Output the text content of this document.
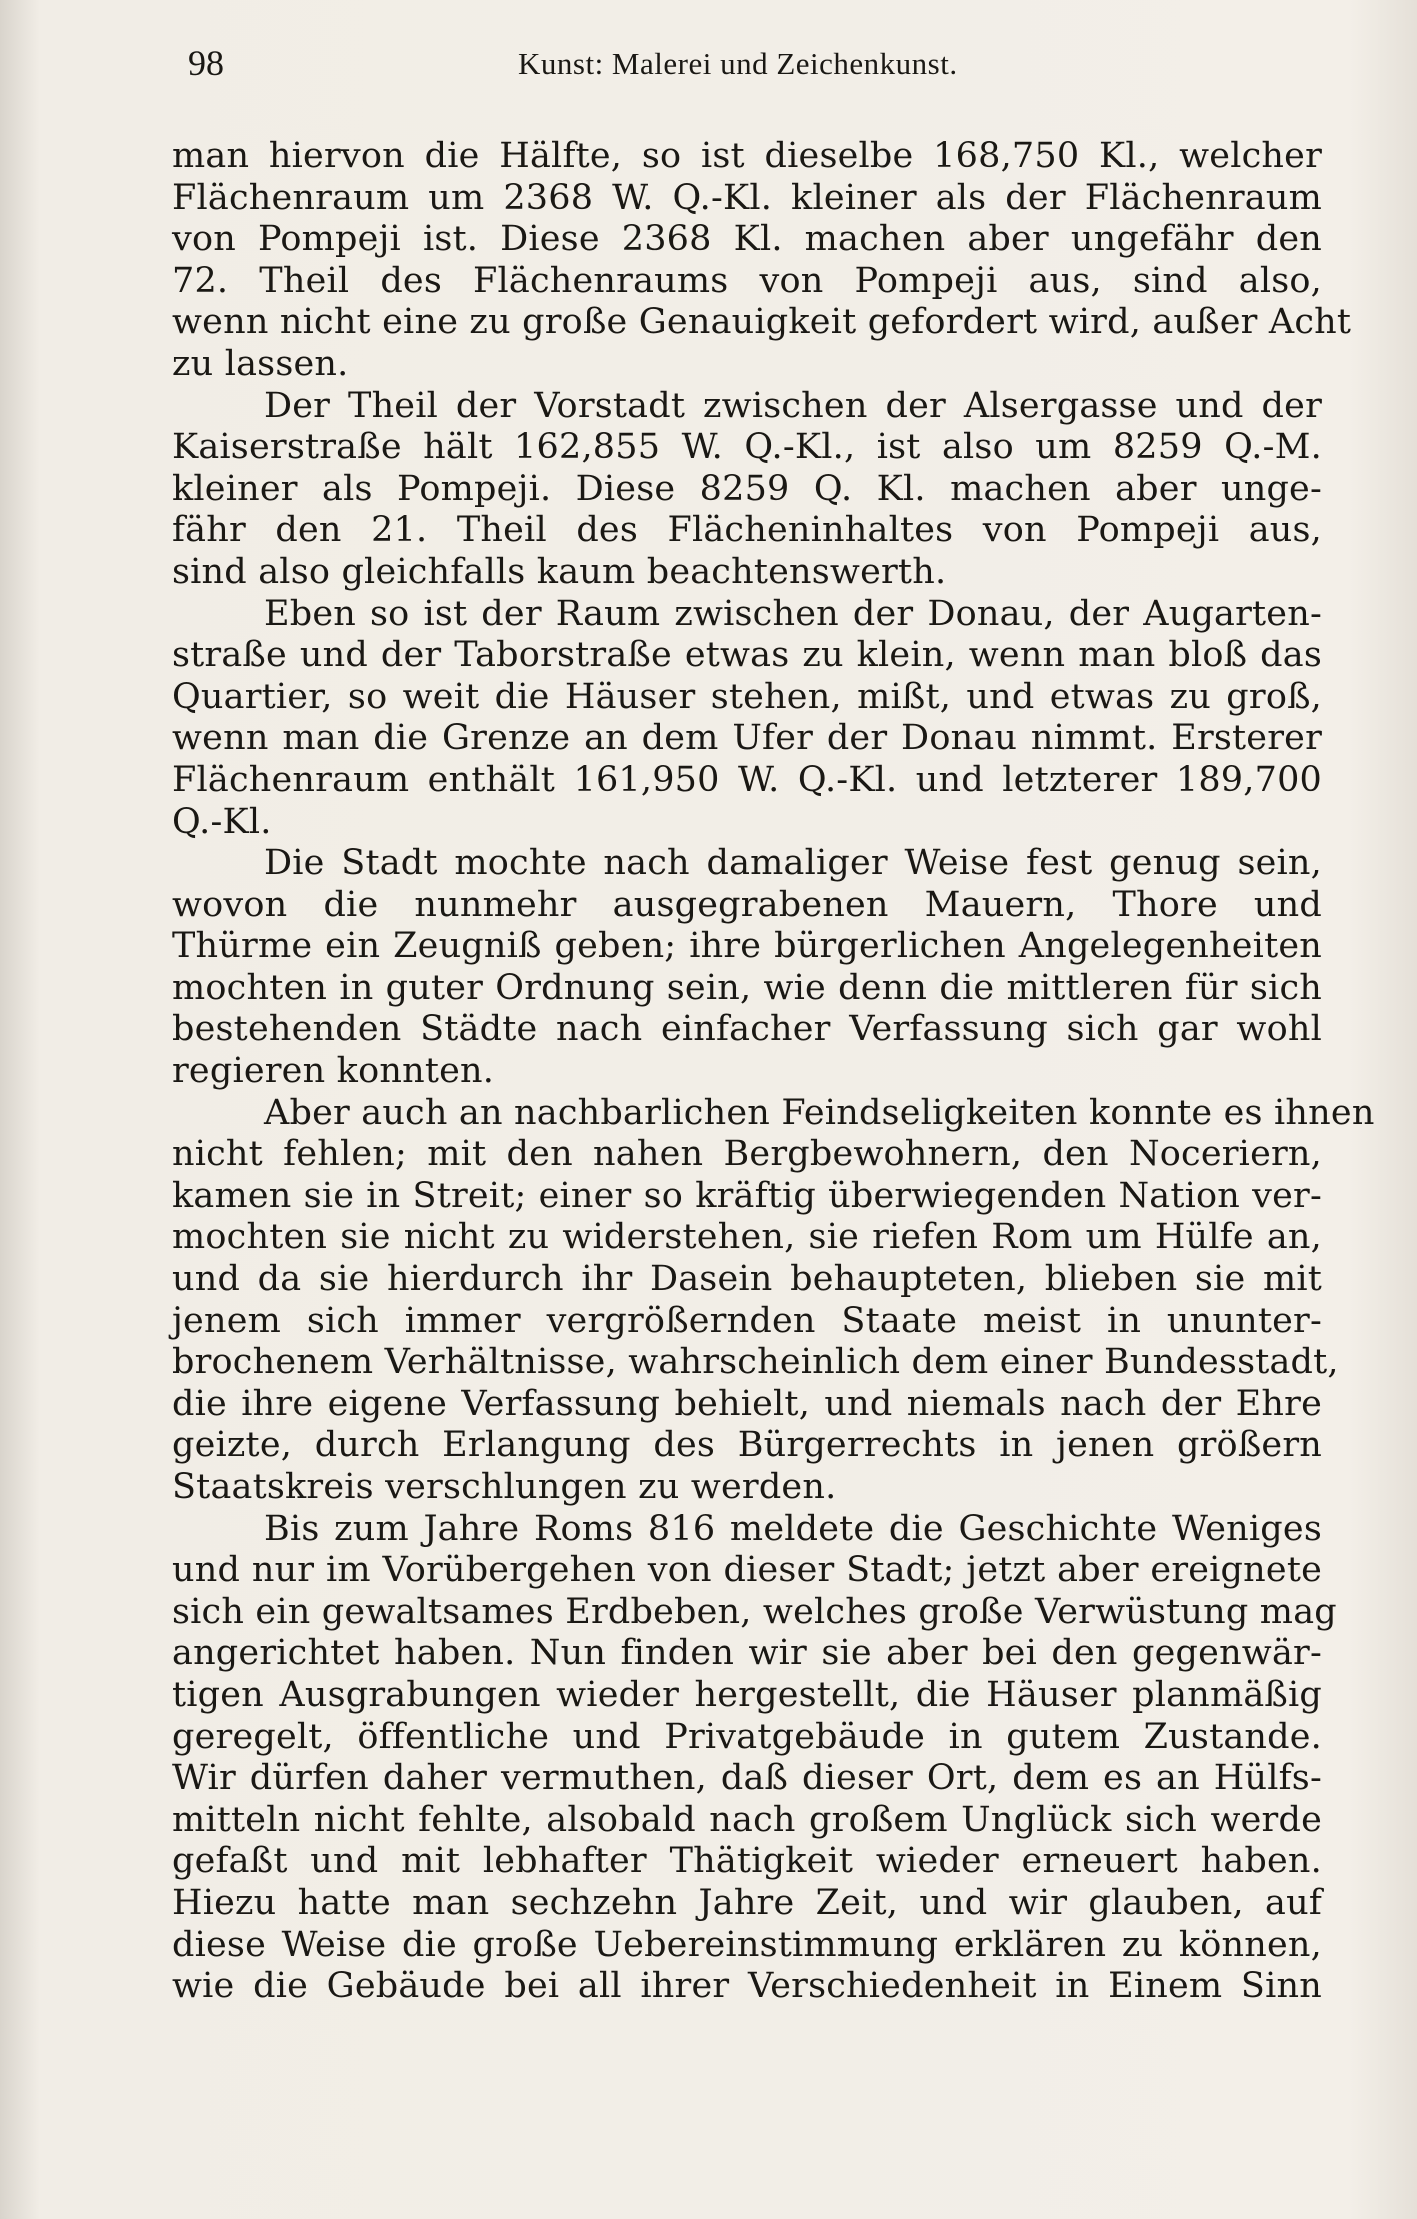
98	Kunst: Malerei und Zeichenkunst.
man hiervon die Hälfte, so ist dieselbe 168,750 Kl., welcher
Flächenraum um 2368 W. Q.-Kl. kleiner als der Flächenraum
von Pompeji ist. Diese 2368 Kl. machen aber ungefähr den
72. Theil des Flächenraums von Pompeji aus, sind also,
wenn nicht eine zu große Genauigkeit gefordert wird, außer Acht
zu lassen.
Der Theil der Vorstadt zwischen der Alsergasse und der
Kaiserstraße hält 162,855 W. Q.-Kl., ist also um 8259 Q.-M.
kleiner als Pompeji. Diese 8259 Q. Kl. machen aber unge-
fähr den 21. Theil des Flächeninhaltes von Pompeji aus,
sind also gleichfalls kaum beachtenswerth.
Eben so ist der Raum zwischen der Donau, der Augarten-
straße und der Taborstraße etwas zu klein, wenn man bloß das
Quartier, so weit die Häuser stehen, mißt, und etwas zu groß,
wenn man die Grenze an dem Ufer der Donau nimmt. Ersterer
Flächenraum enthält 161,950 W. Q.-Kl. und letzterer 189,700
Q.-Kl.
Die Stadt mochte nach damaliger Weise fest genug sein,
wovon die nunmehr ausgegrabenen Mauern, Thore und
Thürme ein Zeugniß geben; ihre bürgerlichen Angelegenheiten
mochten in guter Ordnung sein, wie denn die mittleren für sich
bestehenden Städte nach einfacher Verfassung sich gar wohl
regieren konnten.
Aber auch an nachbarlichen Feindseligkeiten konnte es ihnen
nicht fehlen; mit den nahen Bergbewohnern, den Noceriern,
kamen sie in Streit; einer so kräftig überwiegenden Nation ver-
mochten sie nicht zu widerstehen, sie riefen Rom um Hülfe an,
und da sie hierdurch ihr Dasein behaupteten, blieben sie mit
jenem sich immer vergrößernden Staate meist in ununter-
brochenem Verhältnisse, wahrscheinlich dem einer Bundesstadt,
die ihre eigene Verfassung behielt, und niemals nach der Ehre
geizte, durch Erlangung des Bürgerrechts in jenen größern
Staatskreis verschlungen zu werden.
Bis zum Jahre Roms 816 meldete die Geschichte Weniges
und nur im Vorübergehen von dieser Stadt; jetzt aber ereignete
sich ein gewaltsames Erdbeben, welches große Verwüstung mag
angerichtet haben. Nun finden wir sie aber bei den gegenwär-
tigen Ausgrabungen wieder hergestellt, die Häuser planmäßig
geregelt, öffentliche und Privatgebäude in gutem Zustande.
Wir dürfen daher vermuthen, daß dieser Ort, dem es an Hülfs-
mitteln nicht fehlte, alsobald nach großem Unglück sich werde
gefaßt und mit lebhafter Thätigkeit wieder erneuert haben.
Hiezu hatte man sechzehn Jahre Zeit, und wir glauben, auf
diese Weise die große Uebereinstimmung erklären zu können,
wie die Gebäude bei all ihrer Verschiedenheit in Einem Sinn
